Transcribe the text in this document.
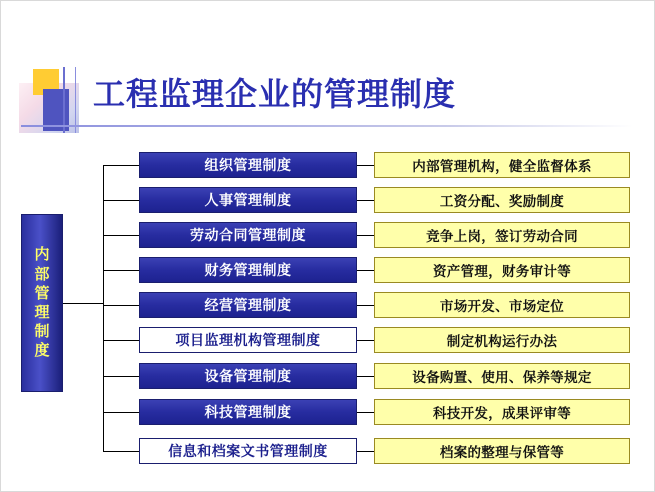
工程监理企业的管理制度
内
部
管
理
制
度
组织管理制度	内部管理机构，健全监督体系
人事管理制度	工资分配、奖励制度
劳动合同管理制度	竞争上岗，签订劳动合同
财务管理制度	资产管理，财务审计等
经营管理制度	市场开发、市场定位
项目监理机构管理制度	制定机构运行办法
设备管理制度	设备购置、使用、保养等规定
科技管理制度	科技开发，成果评审等
信息和档案文书管理制度	档案的整理与保管等
